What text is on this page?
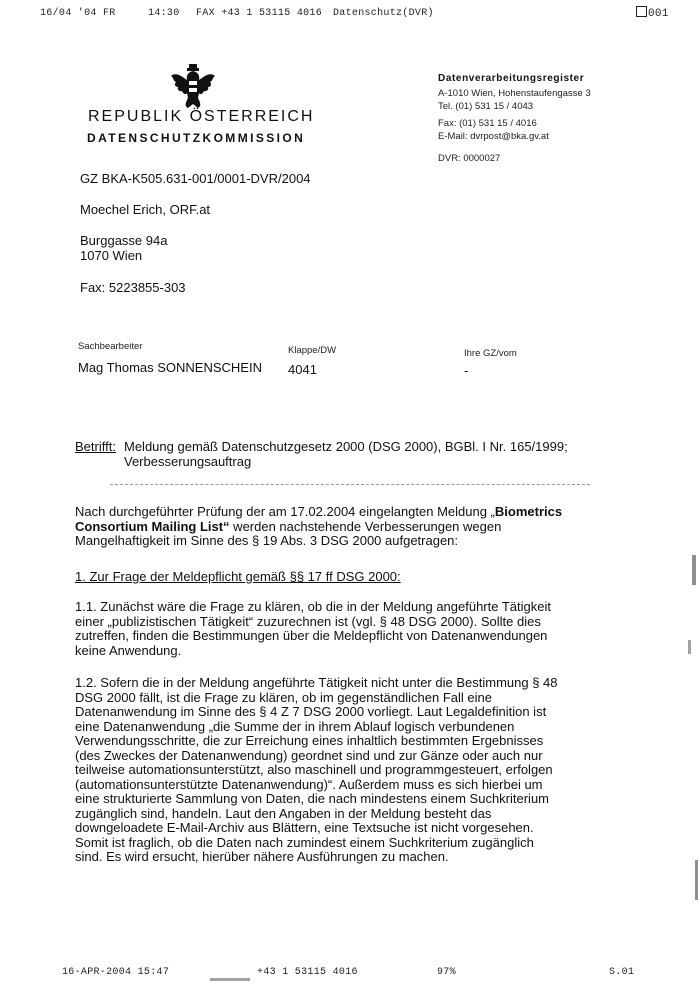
16/04 '04 FR	14:30 FAX +43 1 53115 4016 Datenschutz(DVR)	001
REPUBLIK ÖSTERREICH
DATENSCHUTZKOMMISSION
Datenverarbeitungsregister
A-1010 Wien, Hohenstaufengasse 3
Tel. (01) 531 15 / 4043
Fax: (01) 531 15 / 4016
E-Mail: dvrpost@bka.gv.at
DVR: 0000027
GZ BKA-K505.631-001/0001-DVR/2004
Moechel Erich, ORF.at
Burggasse 94a
1070 Wien
Fax: 5223855-303
Sachbearbeiter
Mag Thomas SONNENSCHEIN
Klappe/DW
4041
Ihre GZ/vom
-
Betrifft: Meldung gemäß Datenschutzgesetz 2000 (DSG 2000), BGBl. I Nr. 165/1999;
Verbesserungsauftrag
Nach durchgeführter Prüfung der am 17.02.2004 eingelangten Meldung „Biometrics
Consortium Mailing List“ werden nachstehende Verbesserungen wegen
Mangelhaftigkeit im Sinne des § 19 Abs. 3 DSG 2000 aufgetragen:
1. Zur Frage der Meldepflicht gemäß §§ 17 ff DSG 2000:
1.1. Zunächst wäre die Frage zu klären, ob die in der Meldung angeführte Tätigkeit
einer „publizistischen Tätigkeit“ zuzurechnen ist (vgl. § 48 DSG 2000). Sollte dies
zutreffen, finden die Bestimmungen über die Meldepflicht von Datenanwendungen
keine Anwendung.
1.2. Sofern die in der Meldung angeführte Tätigkeit nicht unter die Bestimmung § 48
DSG 2000 fällt, ist die Frage zu klären, ob im gegenständlichen Fall eine
Datenanwendung im Sinne des § 4 Z 7 DSG 2000 vorliegt. Laut Legaldefinition ist
eine Datenanwendung „die Summe der in ihrem Ablauf logisch verbundenen
Verwendungsschritte, die zur Erreichung eines inhaltlich bestimmten Ergebnisses
(des Zweckes der Datenanwendung) geordnet sind und zur Gänze oder auch nur
teilweise automationsunterstützt, also maschinell und programmgesteuert, erfolgen
(automationsunterstützte Datenanwendung)“. Außerdem muss es sich hierbei um
eine strukturierte Sammlung von Daten, die nach mindestens einem Suchkriterium
zugänglich sind, handeln. Laut den Angaben in der Meldung besteht das
downgeloadete E-Mail-Archiv aus Blättern, eine Textsuche ist nicht vorgesehen.
Somit ist fraglich, ob die Daten nach zumindest einem Suchkriterium zugänglich
sind. Es wird ersucht, hierüber nähere Ausführungen zu machen.
16-APR-2004 15:47	+43 1 53115 4016	97%	S.01
